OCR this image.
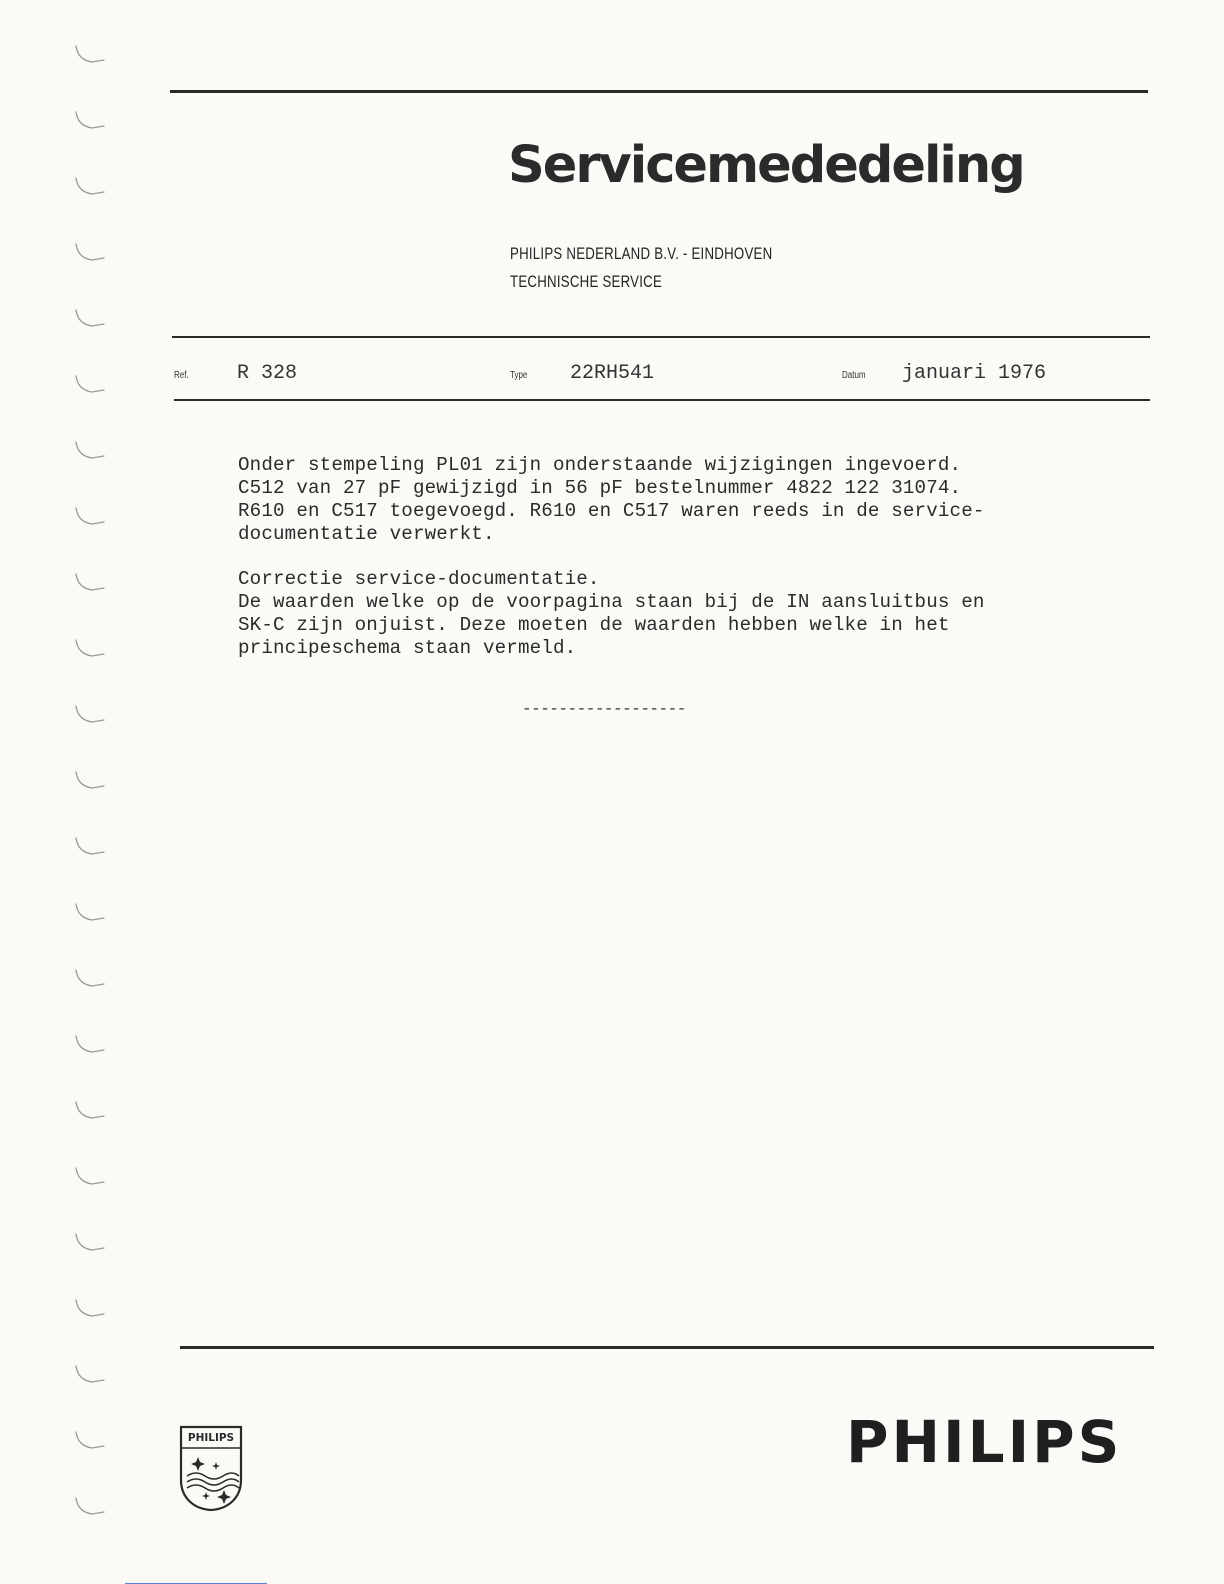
Servicemededeling
PHILIPS NEDERLAND B.V. - EINDHOVEN
TECHNISCHE SERVICE
Ref. R 328	Type 22RH541	Datum januari 1976
Onder stempeling PL01 zijn onderstaande wijzigingen ingevoerd.
C512 van 27 pF gewijzigd in 56 pF bestelnummer 4822 122 31074.
R610 en C517 toegevoegd. R610 en C517 waren reeds in de service-
documentatie verwerkt.
Correctie service-documentatie.
De waarden welke op de voorpagina staan bij de IN aansluitbus en
SK-C zijn onjuist. Deze moeten de waarden hebben welke in het
principeschema staan vermeld.
------------------
PHILIPS	PHILIPS
